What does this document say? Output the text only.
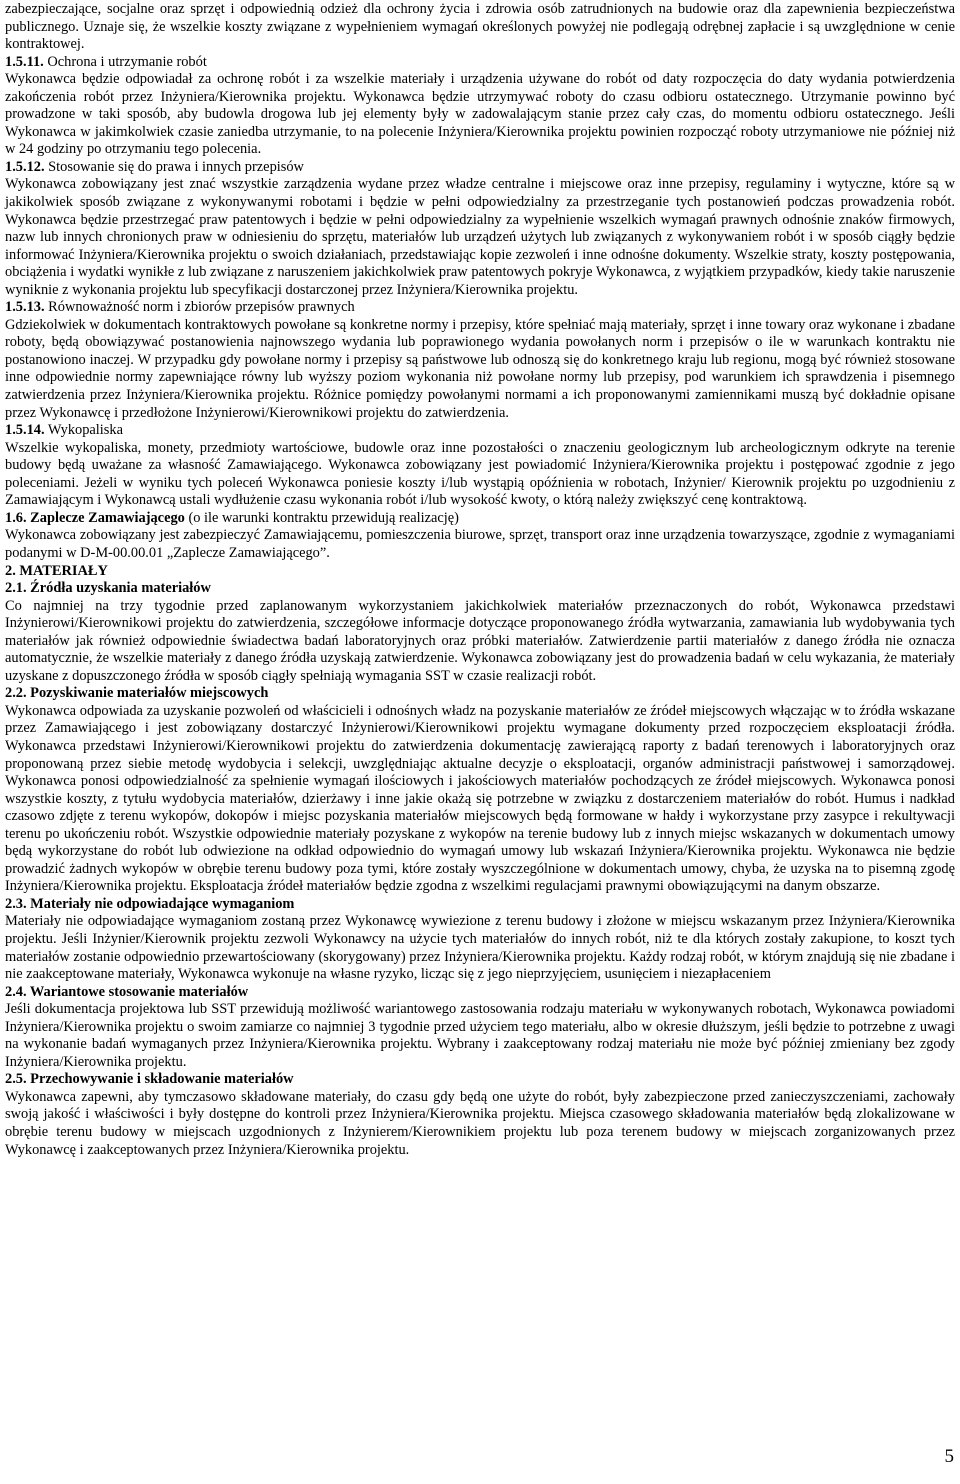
zabezpieczające, socjalne oraz sprzęt i odpowiednią odzież dla ochrony życia i zdrowia osób zatrudnionych na budowie oraz dla zapewnienia bezpieczeństwa publicznego. Uznaje się, że wszelkie koszty związane z wypełnieniem wymagań określonych powyżej nie podlegają odrębnej zapłacie i są uwzględnione w cenie kontraktowej.

1.5.11. Ochrona i utrzymanie robót

Wykonawca będzie odpowiadał za ochronę robót i za wszelkie materiały i urządzenia używane do robót od daty rozpoczęcia do daty wydania potwierdzenia zakończenia robót przez Inżyniera/Kierownika projektu. Wykonawca będzie utrzymywać roboty do czasu odbioru ostatecznego. Utrzymanie powinno być prowadzone w taki sposób, aby budowla drogowa lub jej elementy były w zadowalającym stanie przez cały czas, do momentu odbioru ostatecznego. Jeśli Wykonawca w jakimkolwiek czasie zaniedba utrzymanie, to na polecenie Inżyniera/Kierownika projektu powinien rozpocząć roboty utrzymaniowe nie później niż w 24 godziny po otrzymaniu tego polecenia.

1.5.12. Stosowanie się do prawa i innych przepisów

Wykonawca zobowiązany jest znać wszystkie zarządzenia wydane przez władze centralne i miejscowe oraz inne przepisy, regulaminy i wytyczne, które są w jakikolwiek sposób związane z wykonywanymi robotami i będzie w pełni odpowiedzialny za przestrzeganie tych postanowień podczas prowadzenia robót. Wykonawca będzie przestrzegać praw patentowych i będzie w pełni odpowiedzialny za wypełnienie wszelkich wymagań prawnych odnośnie znaków firmowych, nazw lub innych chronionych praw w odniesieniu do sprzętu, materiałów lub urządzeń użytych lub związanych z wykonywaniem robót i w sposób ciągły będzie informować Inżyniera/Kierownika projektu o swoich działaniach, przedstawiając kopie zezwoleń i inne odnośne dokumenty. Wszelkie straty, koszty postępowania, obciążenia i wydatki wynikłe z lub związane z naruszeniem jakichkolwiek praw patentowych pokryje Wykonawca, z wyjątkiem przypadków, kiedy takie naruszenie wyniknie z wykonania projektu lub specyfikacji dostarczonej przez Inżyniera/Kierownika projektu.

1.5.13. Równoważność norm i zbiorów przepisów prawnych

Gdziekolwiek w dokumentach kontraktowych powołane są konkretne normy i przepisy, które spełniać mają materiały, sprzęt i inne towary oraz wykonane i zbadane roboty, będą obowiązywać postanowienia najnowszego wydania lub poprawionego wydania powołanych norm i przepisów o ile w warunkach kontraktu nie postanowiono inaczej. W przypadku gdy powołane normy i przepisy są państwowe lub odnoszą się do konkretnego kraju lub regionu, mogą być również stosowane inne odpowiednie normy zapewniające równy lub wyższy poziom wykonania niż powołane normy lub przepisy, pod warunkiem ich sprawdzenia i pisemnego zatwierdzenia przez Inżyniera/Kierownika projektu. Różnice pomiędzy powołanymi normami a ich proponowanymi zamiennikami muszą być dokładnie opisane przez Wykonawcę i przedłożone Inżynierowi/Kierownikowi projektu do zatwierdzenia.

1.5.14. Wykopaliska

Wszelkie wykopaliska, monety, przedmioty wartościowe, budowle oraz inne pozostałości o znaczeniu geologicznym lub archeologicznym odkryte na terenie budowy będą uważane za własność Zamawiającego. Wykonawca zobowiązany jest powiadomić Inżyniera/Kierownika projektu i postępować zgodnie z jego poleceniami. Jeżeli w wyniku tych poleceń Wykonawca poniesie koszty i/lub wystąpią opóźnienia w robotach, Inżynier/ Kierownik projektu po uzgodnieniu z Zamawiającym i Wykonawcą ustali wydłużenie czasu wykonania robót i/lub wysokość kwoty, o którą należy zwiększyć cenę kontraktową.

1.6. Zaplecze Zamawiającego (o ile warunki kontraktu przewidują realizację)

Wykonawca zobowiązany jest zabezpieczyć Zamawiającemu, pomieszczenia biurowe, sprzęt, transport oraz inne urządzenia towarzyszące, zgodnie z wymaganiami podanymi w D-M-00.00.01 „Zaplecze Zamawiającego”.

2. MATERIAŁY

2.1. Źródła uzyskania materiałów

Co najmniej na trzy tygodnie przed zaplanowanym wykorzystaniem jakichkolwiek materiałów przeznaczonych do robót, Wykonawca przedstawi Inżynierowi/Kierownikowi projektu do zatwierdzenia, szczegółowe informacje dotyczące proponowanego źródła wytwarzania, zamawiania lub wydobywania tych materiałów jak również odpowiednie świadectwa badań laboratoryjnych oraz próbki materiałów. Zatwierdzenie partii materiałów z danego źródła nie oznacza automatycznie, że wszelkie materiały z danego źródła uzyskają zatwierdzenie. Wykonawca zobowiązany jest do prowadzenia badań w celu wykazania, że materiały uzyskane z dopuszczonego źródła w sposób ciągły spełniają wymagania SST w czasie realizacji robót.

2.2. Pozyskiwanie materiałów miejscowych

Wykonawca odpowiada za uzyskanie pozwoleń od właścicieli i odnośnych władz na pozyskanie materiałów ze źródeł miejscowych włączając w to źródła wskazane przez Zamawiającego i jest zobowiązany dostarczyć Inżynierowi/Kierownikowi projektu wymagane dokumenty przed rozpoczęciem eksploatacji źródła. Wykonawca przedstawi Inżynierowi/Kierownikowi projektu do zatwierdzenia dokumentację zawierającą raporty z badań terenowych i laboratoryjnych oraz proponowaną przez siebie metodę wydobycia i selekcji, uwzględniając aktualne decyzje o eksploatacji, organów administracji państwowej i samorządowej. Wykonawca ponosi odpowiedzialność za spełnienie wymagań ilościowych i jakościowych materiałów pochodzących ze źródeł miejscowych. Wykonawca ponosi wszystkie koszty, z tytułu wydobycia materiałów, dzierżawy i inne jakie okażą się potrzebne w związku z dostarczeniem materiałów do robót. Humus i nadkład czasowo zdjęte z terenu wykopów, dokopów i miejsc pozyskania materiałów miejscowych będą formowane w hałdy i wykorzystane przy zasypce i rekultywacji terenu po ukończeniu robót. Wszystkie odpowiednie materiały pozyskane z wykopów na terenie budowy lub z innych miejsc wskazanych w dokumentach umowy będą wykorzystane do robót lub odwiezione na odkład odpowiednio do wymagań umowy lub wskazań Inżyniera/Kierownika projektu. Wykonawca nie będzie prowadzić żadnych wykopów w obrębie terenu budowy poza tymi, które zostały wyszczególnione w dokumentach umowy, chyba, że uzyska na to pisemną zgodę Inżyniera/Kierownika projektu. Eksploatacja źródeł materiałów będzie zgodna z wszelkimi regulacjami prawnymi obowiązującymi na danym obszarze.

2.3. Materiały nie odpowiadające wymaganiom

Materiały nie odpowiadające wymaganiom zostaną przez Wykonawcę wywiezione z terenu budowy i złożone w miejscu wskazanym przez Inżyniera/Kierownika projektu. Jeśli Inżynier/Kierownik projektu zezwoli Wykonawcy na użycie tych materiałów do innych robót, niż te dla których zostały zakupione, to koszt tych materiałów zostanie odpowiednio przewartościowany (skorygowany) przez Inżyniera/Kierownika projektu. Każdy rodzaj robót, w którym znajdują się nie zbadane i nie zaakceptowane materiały, Wykonawca wykonuje na własne ryzyko, licząc się z jego nieprzyjęciem, usunięciem i niezapłaceniem

2.4. Wariantowe stosowanie materiałów

Jeśli dokumentacja projektowa lub SST przewidują możliwość wariantowego zastosowania rodzaju materiału w wykonywanych robotach, Wykonawca powiadomi Inżyniera/Kierownika projektu o swoim zamiarze co najmniej 3 tygodnie przed użyciem tego materiału, albo w okresie dłuższym, jeśli będzie to potrzebne z uwagi na wykonanie badań wymaganych przez Inżyniera/Kierownika projektu. Wybrany i zaakceptowany rodzaj materiału nie może być później zmieniany bez zgody Inżyniera/Kierownika projektu.

2.5. Przechowywanie i składowanie materiałów

Wykonawca zapewni, aby tymczasowo składowane materiały, do czasu gdy będą one użyte do robót, były zabezpieczone przed zanieczyszczeniami, zachowały swoją jakość i właściwości i były dostępne do kontroli przez Inżyniera/Kierownika projektu. Miejsca czasowego składowania materiałów będą zlokalizowane w obrębie terenu budowy w miejscach uzgodnionych z Inżynierem/Kierownikiem projektu lub poza terenem budowy w miejscach zorganizowanych przez Wykonawcę i zaakceptowanych przez Inżyniera/Kierownika projektu.

5
